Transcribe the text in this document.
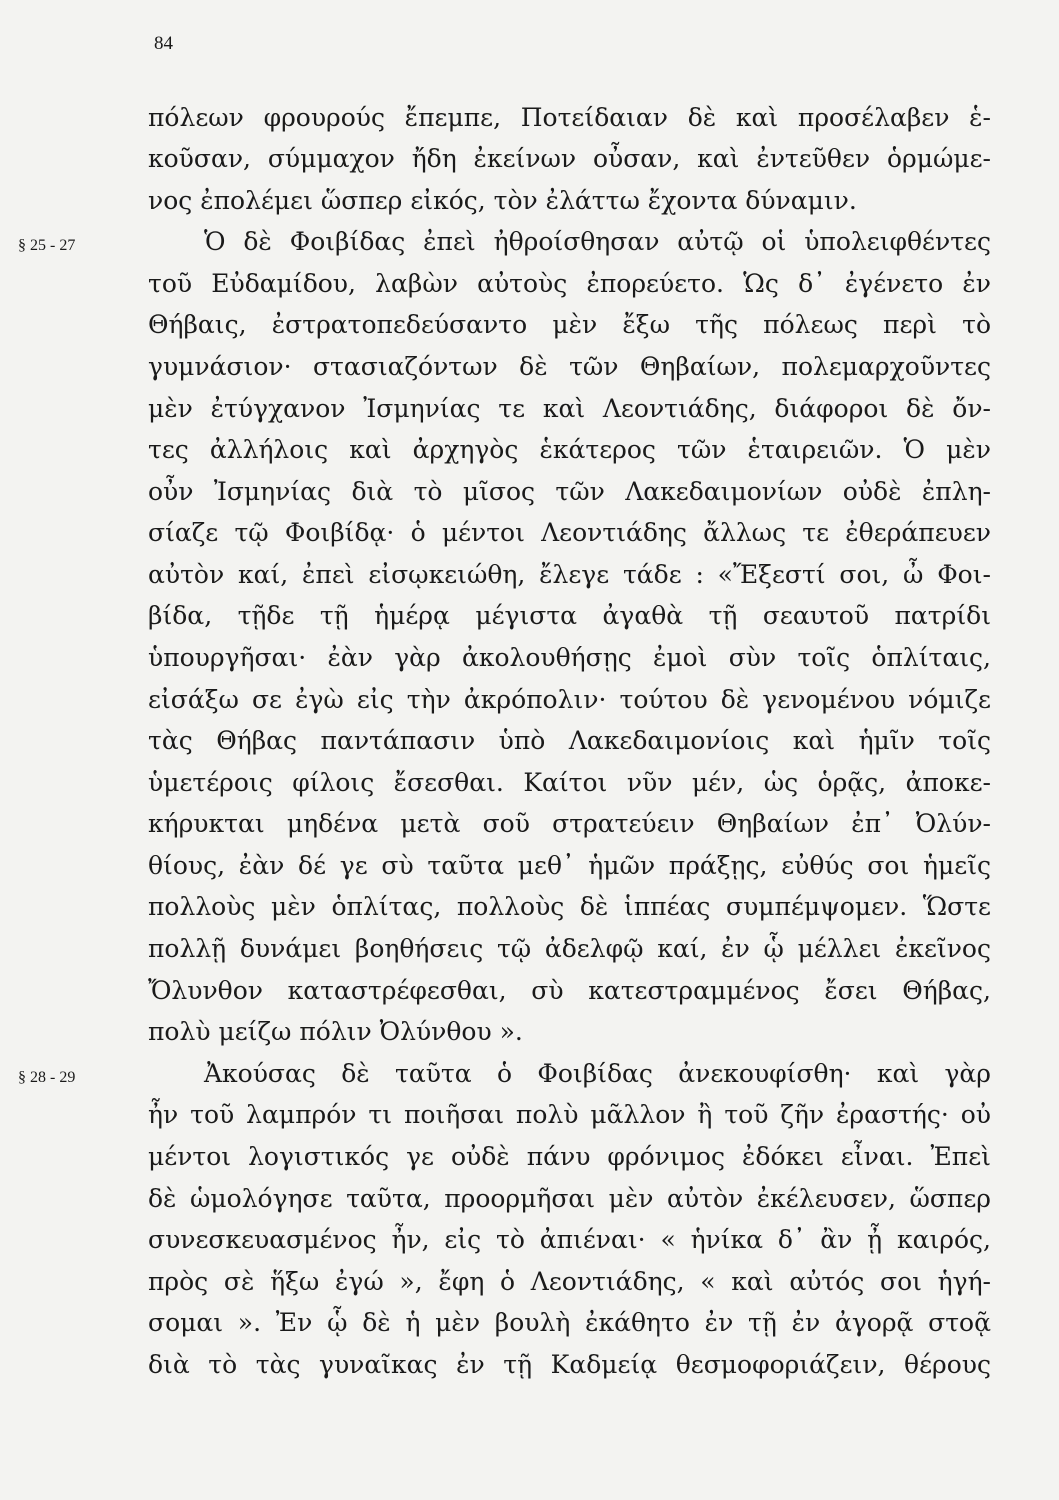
84
§ 25 - 27
§ 28 - 29
πόλεων φρουρούς ἔπεμπε, Ποτείδαιαν δὲ καὶ προσέλαβεν ἑ-
κοῦσαν, σύμμαχον ἤδη ἐκείνων οὖσαν, καὶ ἐντεῦθεν ὁρμώμε-
νος ἐπολέμει ὥσπερ εἰκός, τὸν ἐλάττω ἔχοντα δύναμιν.
Ὁ δὲ Φοιβίδας ἐπεὶ ἠθροίσθησαν αὐτῷ οἱ ὑπολειφθέντες
τοῦ Εὐδαμίδου, λαβὼν αὐτοὺς ἐπορεύετο. Ὡς δ᾽ ἐγένετο ἐν
Θήβαις, ἐστρατοπεδεύσαντο μὲν ἔξω τῆς πόλεως περὶ τὸ
γυμνάσιον· στασιαζόντων δὲ τῶν Θηβαίων, πολεμαρχοῦντες
μὲν ἐτύγχανον Ἰσμηνίας τε καὶ Λεοντιάδης, διάφοροι δὲ ὄν-
τες ἀλλήλοις καὶ ἀρχηγὸς ἑκάτερος τῶν ἑταιρειῶν. Ὁ μὲν
οὖν Ἰσμηνίας διὰ τὸ μῖσος τῶν Λακεδαιμονίων οὐδὲ ἐπλη-
σίαζε τῷ Φοιβίδᾳ· ὁ μέντοι Λεοντιάδης ἄλλως τε ἐθεράπευεν
αὐτὸν καί, ἐπεὶ εἰσῳκειώθη, ἔλεγε τάδε : «Ἔξεστί σοι, ὦ Φοι-
βίδα, τῇδε τῇ ἡμέρᾳ μέγιστα ἀγαθὰ τῇ σεαυτοῦ πατρίδι
ὑπουργῆσαι· ἐὰν γὰρ ἀκολουθήσῃς ἐμοὶ σὺν τοῖς ὁπλίταις,
εἰσάξω σε ἐγὼ εἰς τὴν ἀκρόπολιν· τούτου δὲ γενομένου νόμιζε
τὰς Θήβας παντάπασιν ὑπὸ Λακεδαιμονίοις καὶ ἡμῖν τοῖς
ὑμετέροις φίλοις ἔσεσθαι. Καίτοι νῦν μέν, ὡς ὁρᾷς, ἀποκε-
κήρυκται μηδένα μετὰ σοῦ στρατεύειν Θηβαίων ἐπ᾽ Ὀλύν-
θίους, ἐὰν δέ γε σὺ ταῦτα μεθ᾽ ἡμῶν πράξῃς, εὐθύς σοι ἡμεῖς
πολλοὺς μὲν ὁπλίτας, πολλοὺς δὲ ἱππέας συμπέμψομεν. Ὥστε
πολλῇ δυνάμει βοηθήσεις τῷ ἀδελφῷ καί, ἐν ᾧ μέλλει ἐκεῖνος
Ὄλυνθον καταστρέφεσθαι, σὺ κατεστραμμένος ἔσει Θήβας,
πολὺ μείζω πόλιν Ὀλύνθου ».
Ἀκούσας δὲ ταῦτα ὁ Φοιβίδας ἀνεκουφίσθη· καὶ γὰρ
ἦν τοῦ λαμπρόν τι ποιῆσαι πολὺ μᾶλλον ἢ τοῦ ζῆν ἐραστής· οὐ
μέντοι λογιστικός γε οὐδὲ πάνυ φρόνιμος ἐδόκει εἶναι. Ἐπεὶ
δὲ ὡμολόγησε ταῦτα, προορμῆσαι μὲν αὐτὸν ἐκέλευσεν, ὥσπερ
συνεσκευασμένος ἦν, εἰς τὸ ἀπιέναι· « ἡνίκα δ᾽ ἂν ᾖ καιρός,
πρὸς σὲ ἥξω ἐγώ », ἔφη ὁ Λεοντιάδης, « καὶ αὐτός σοι ἡγή-
σομαι ». Ἐν ᾧ δὲ ἡ μὲν βουλὴ ἐκάθητο ἐν τῇ ἐν ἀγορᾷ στοᾷ
διὰ τὸ τὰς γυναῖκας ἐν τῇ Καδμείᾳ θεσμοφοριάζειν, θέρους
